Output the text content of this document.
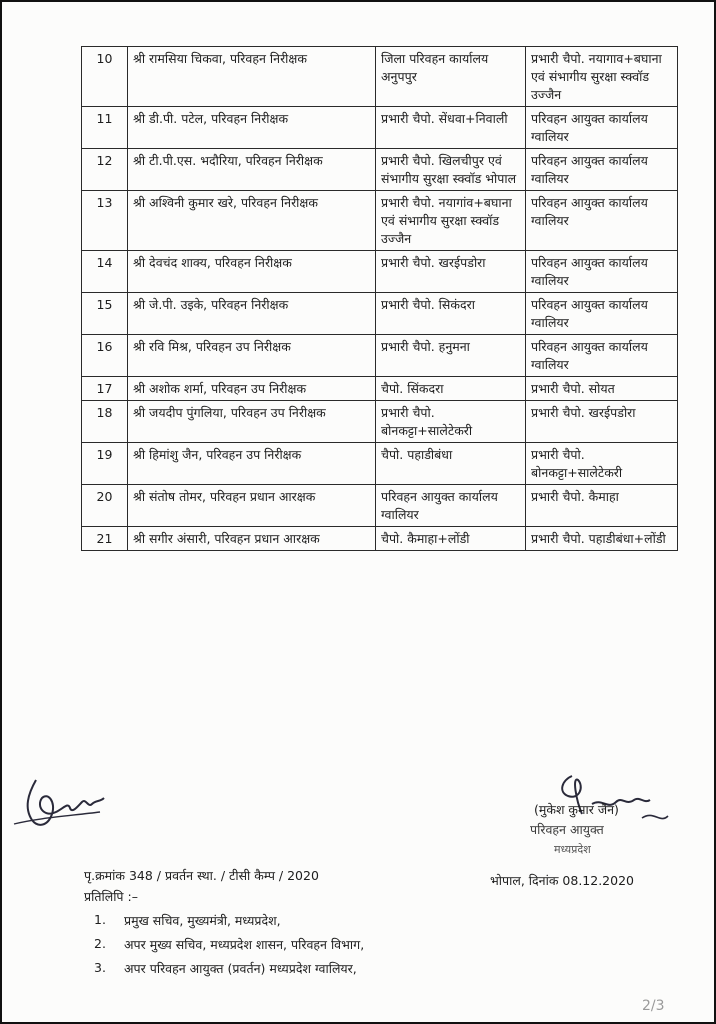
10	श्री रामसिया चिकवा, परिवहन निरीक्षक	जिला परिवहन कार्यालय अनुपपुर	प्रभारी चैपो. नयागाव+बघाना एवं संभागीय सुरक्षा स्क्वॉड उज्जैन
11	श्री डी.पी. पटेल, परिवहन निरीक्षक	प्रभारी चैपो. सेंधवा+निवाली	परिवहन आयुक्त कार्यालय ग्वालियर
12	श्री टी.पी.एस. भदौरिया, परिवहन निरीक्षक	प्रभारी चैपो. खिलचीपुर एवं संभागीय सुरक्षा स्क्वॉड भोपाल	परिवहन आयुक्त कार्यालय ग्वालियर
13	श्री अश्विनी कुमार खरे, परिवहन निरीक्षक	प्रभारी चैपो. नयागांव+बघाना एवं संभागीय सुरक्षा स्क्वॉड उज्जैन	परिवहन आयुक्त कार्यालय ग्वालियर
14	श्री देवचंद शाक्य, परिवहन निरीक्षक	प्रभारी चैपो. खरईपडोरा	परिवहन आयुक्त कार्यालय ग्वालियर
15	श्री जे.पी. उइके, परिवहन निरीक्षक	प्रभारी चैपो. सिकंदरा	परिवहन आयुक्त कार्यालय ग्वालियर
16	श्री रवि मिश्र, परिवहन उप निरीक्षक	प्रभारी चैपो. हनुमना	परिवहन आयुक्त कार्यालय ग्वालियर
17	श्री अशोक शर्मा, परिवहन उप निरीक्षक	चैपो. सिंकदरा	प्रभारी चैपो. सोयत
18	श्री जयदीप पुंगलिया, परिवहन उप निरीक्षक	प्रभारी चैपो. बोनकट्टा+सालेटेकरी	प्रभारी चैपो. खरईपडोरा
19	श्री हिमांशु जैन, परिवहन उप निरीक्षक	चैपो. पहाडीबंधा	प्रभारी चैपो. बोनकट्टा+सालेटेकरी
20	श्री संतोष तोमर, परिवहन प्रधान आरक्षक	परिवहन आयुक्त कार्यालय ग्वालियर	प्रभारी चैपो. कैमाहा
21	श्री सगीर अंसारी, परिवहन प्रधान आरक्षक	चैपो. कैमाहा+लोंडी	प्रभारी चैपो. पहाडीबंधा+लोंडी
(मुकेश कुमार जैन)
परिवहन आयुक्त
मध्यप्रदेश
पृ.क्रमांक 348 / प्रवर्तन स्था. / टीसी कैम्प / 2020	भोपाल, दिनांक 08.12.2020
प्रतिलिपि :–
1.	प्रमुख सचिव, मुख्यमंत्री, मध्यप्रदेश,
2.	अपर मुख्य सचिव, मध्यप्रदेश शासन, परिवहन विभाग,
3.	अपर परिवहन आयुक्त (प्रवर्तन) मध्यप्रदेश ग्वालियर,
2/3
